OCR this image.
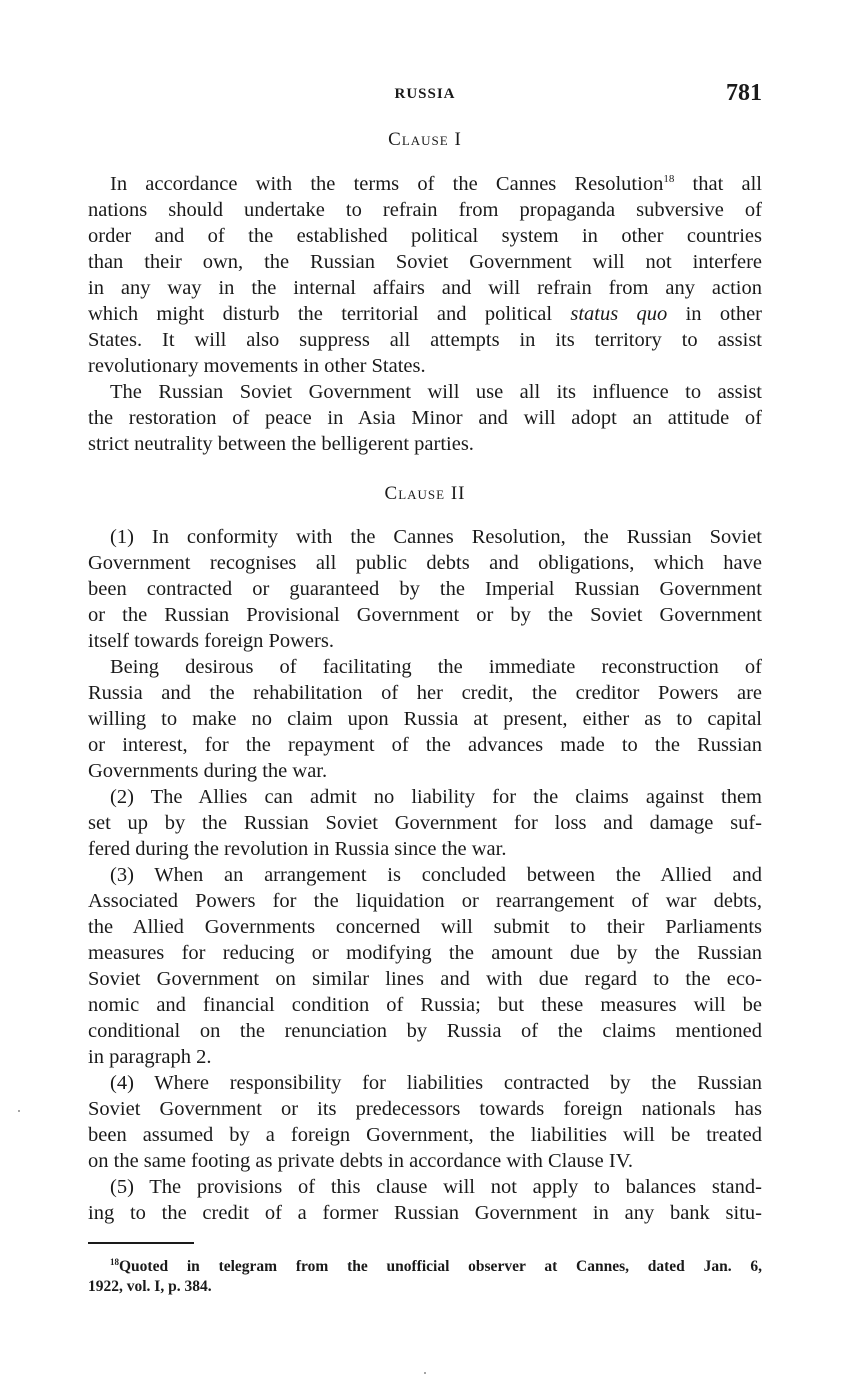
RUSSIA	781
Clause I
In accordance with the terms of the Cannes Resolution$^{18}$ that all
nations should undertake to refrain from propaganda subversive of
order and of the established political system in other countries
than their own, the Russian Soviet Government will not interfere
in any way in the internal affairs and will refrain from any action
which might disturb the territorial and political status quo in other
States. It will also suppress all attempts in its territory to assist
revolutionary movements in other States.
The Russian Soviet Government will use all its influence to assist
the restoration of peace in Asia Minor and will adopt an attitude of
strict neutrality between the belligerent parties.
Clause II
(1) In conformity with the Cannes Resolution, the Russian Soviet
Government recognises all public debts and obligations, which have
been contracted or guaranteed by the Imperial Russian Government
or the Russian Provisional Government or by the Soviet Government
itself towards foreign Powers.
Being desirous of facilitating the immediate reconstruction of
Russia and the rehabilitation of her credit, the creditor Powers are
willing to make no claim upon Russia at present, either as to capital
or interest, for the repayment of the advances made to the Russian
Governments during the war.
(2) The Allies can admit no liability for the claims against them
set up by the Russian Soviet Government for loss and damage suf-
fered during the revolution in Russia since the war.
(3) When an arrangement is concluded between the Allied and
Associated Powers for the liquidation or rearrangement of war debts,
the Allied Governments concerned will submit to their Parliaments
measures for reducing or modifying the amount due by the Russian
Soviet Government on similar lines and with due regard to the eco-
nomic and financial condition of Russia; but these measures will be
conditional on the renunciation by Russia of the claims mentioned
in paragraph 2.
(4) Where responsibility for liabilities contracted by the Russian
Soviet Government or its predecessors towards foreign nationals has
been assumed by a foreign Government, the liabilities will be treated
on the same footing as private debts in accordance with Clause IV.
(5) The provisions of this clause will not apply to balances stand-
ing to the credit of a former Russian Government in any bank situ-
$^{18}$Quoted in telegram from the unofficial observer at Cannes, dated Jan. 6,
1922, vol. I, p. 384.
